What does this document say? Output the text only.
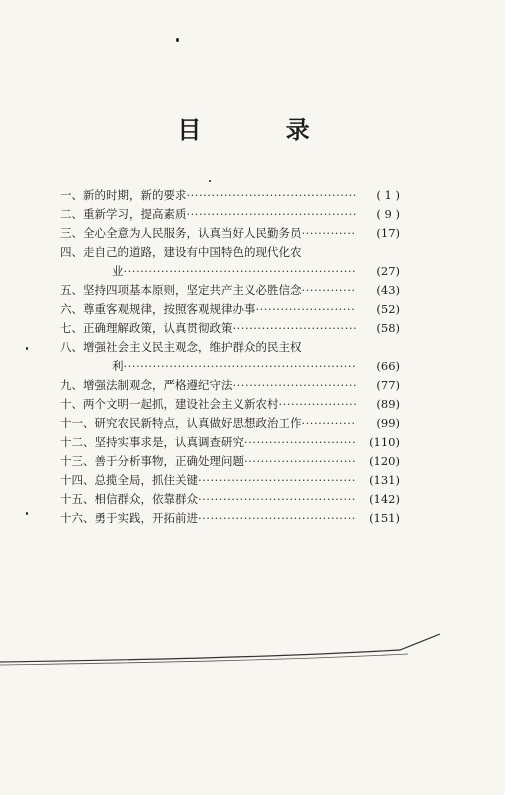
目 录
一、新的时期，新的要求 ·····	( 1 )
二、重新学习，提高素质 ·····	( 9 )
三、全心全意为人民服务，认真当好人民勤务员 ·····	(17)
四、走自己的道路，建设有中国特色的现代化农
业 ·····	(27)
五、坚持四项基本原则，坚定共产主义必胜信念 ·····	(43)
六、尊重客观规律，按照客观规律办事 ·····	(52)
七、正确理解政策，认真贯彻政策 ·····	(58)
八、增强社会主义民主观念，维护群众的民主权
利 ·····	(66)
九、增强法制观念，严格遵纪守法 ·····	(77)
十、两个文明一起抓，建设社会主义新农村 ·····	(89)
十一、研究农民新特点，认真做好思想政治工作 ·····	(99)
十二、坚持实事求是，认真调查研究 ·····	(110)
十三、善于分析事物，正确处理问题 ·····	(120)
十四、总揽全局，抓住关键 ·····	(131)
十五、相信群众，依靠群众 ·····	(142)
十六、勇于实践，开拓前进 ·····	(151)
